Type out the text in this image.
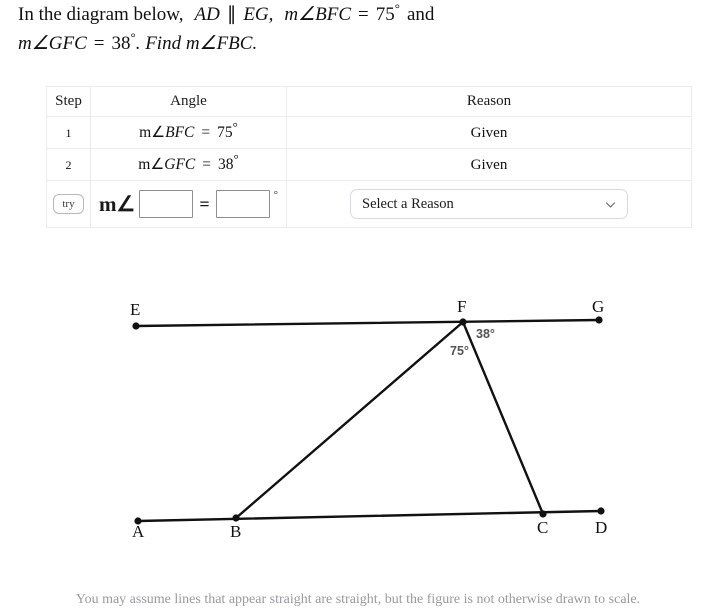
In the diagram below, AD ∥ EG, m∠BFC = 75° and
m∠GFC = 38°. Find m∠FBC.
Step	Angle	Reason
1	m∠BFC = 75°	Given
2	m∠GFC = 38°	Given
try	m∠ = °	Select a Reason
E	F	G
A	B	C	D
38°
75°
You may assume lines that appear straight are straight, but the figure is not otherwise drawn to scale.
